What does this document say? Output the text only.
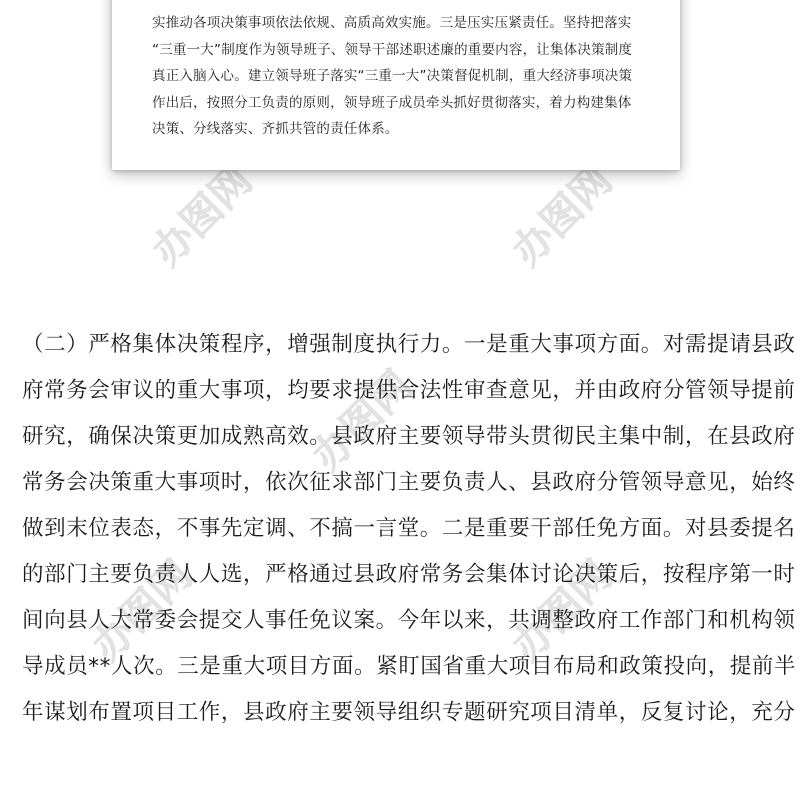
办图网	办图网
办图网
办图网	办图网
实推动各项决策事项依法依规、高质高效实施。三是压实压紧责任。坚持把落实
“三重一大”制度作为领导班子、领导干部述职述廉的重要内容，让集体决策制度
真正入脑入心。建立领导班子落实“三重一大”决策督促机制，重大经济事项决策
作出后，按照分工负责的原则，领导班子成员牵头抓好贯彻落实，着力构建集体
决策、分线落实、齐抓共管的责任体系。
（二）严格集体决策程序，增强制度执行力。一是重大事项方面。对需提请县政
府常务会审议的重大事项，均要求提供合法性审查意见，并由政府分管领导提前
研究，确保决策更加成熟高效。县政府主要领导带头贯彻民主集中制，在县政府
常务会决策重大事项时，依次征求部门主要负责人、县政府分管领导意见，始终
做到末位表态，不事先定调、不搞一言堂。二是重要干部任免方面。对县委提名
的部门主要负责人人选，严格通过县政府常务会集体讨论决策后，按程序第一时
间向县人大常委会提交人事任免议案。今年以来，共调整政府工作部门和机构领
导成员**人次。三是重大项目方面。紧盯国省重大项目布局和政策投向，提前半
年谋划布置项目工作，县政府主要领导组织专题研究项目清单，反复讨论，充分
